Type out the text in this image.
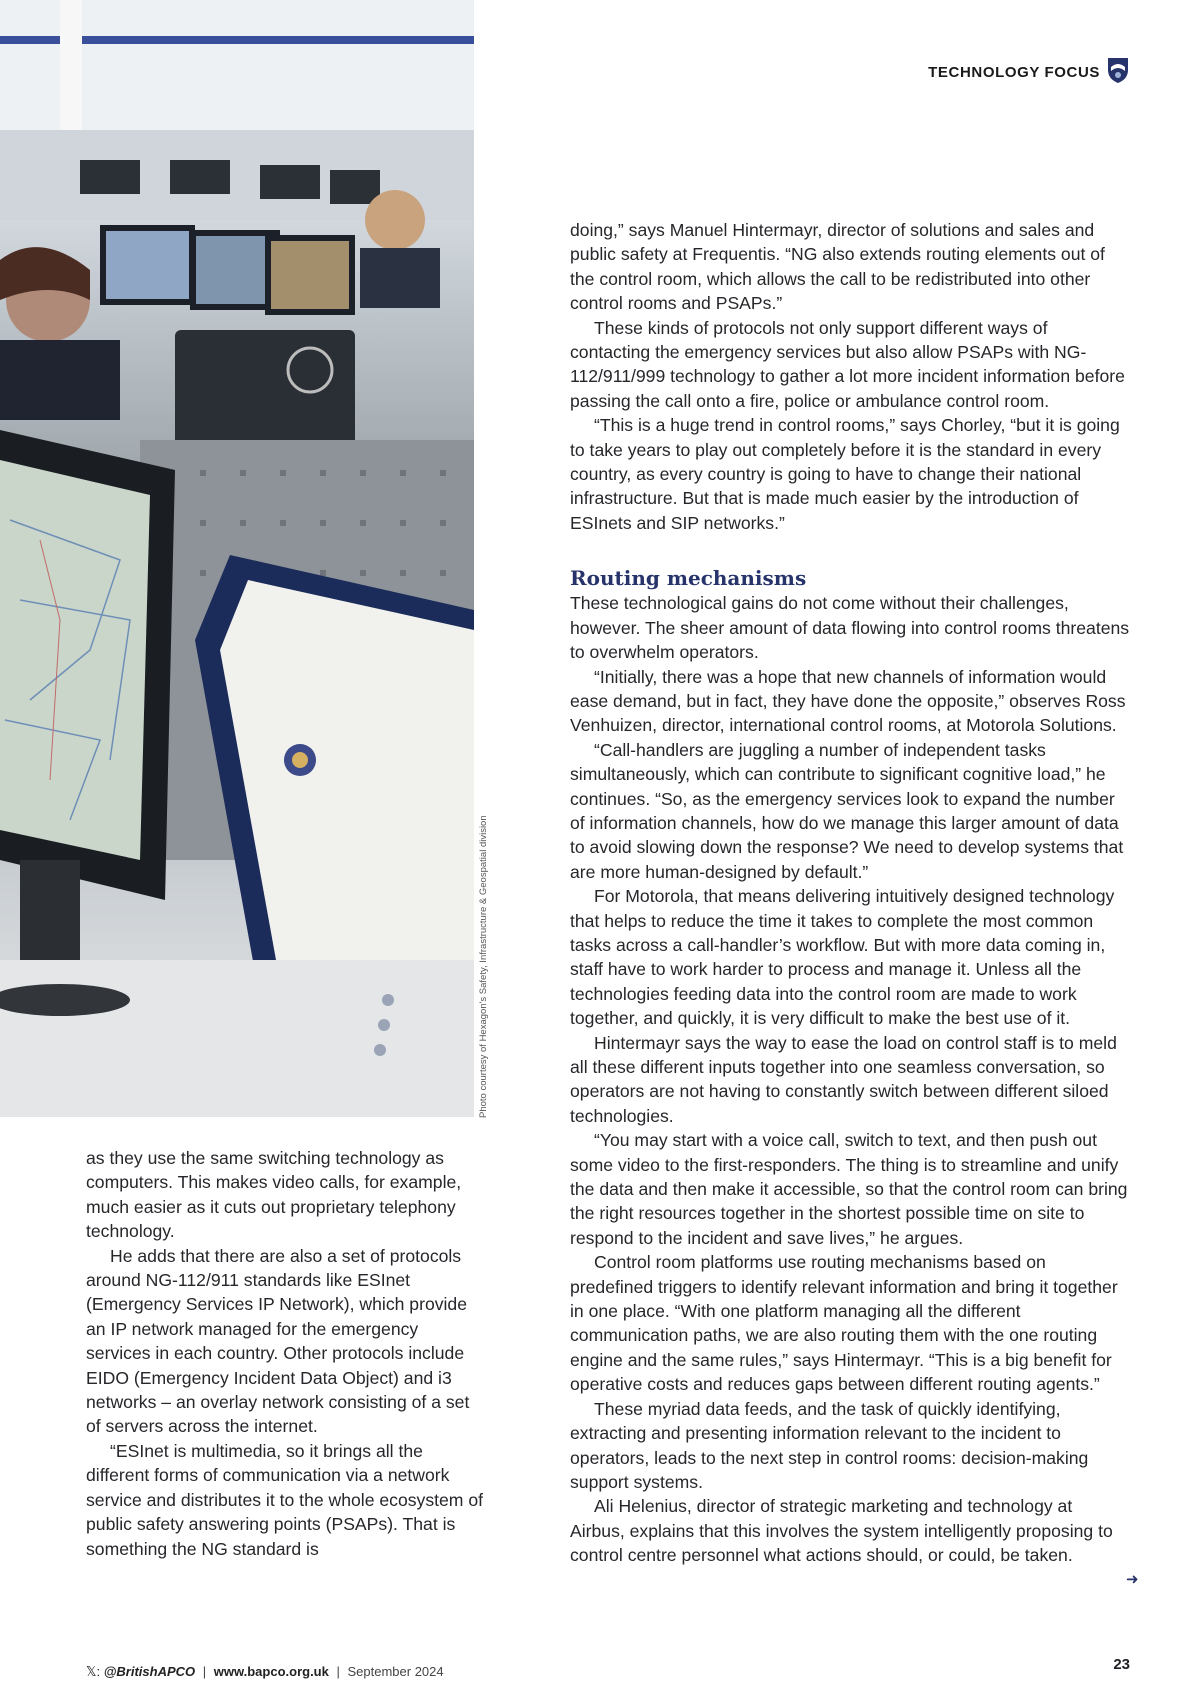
Photo courtesy of Hexagon's Safety, Infrastructure & Geospatial division
TECHNOLOGY FOCUS

doing,” says Manuel Hintermayr, director of solutions and sales and public safety at Frequentis. “NG also extends routing elements out of the control room, which allows the call to be redistributed into other control rooms and PSAPs.”

These kinds of protocols not only support different ways of contacting the emergency services but also allow PSAPs with NG-112/911/999 technology to gather a lot more incident information before passing the call onto a fire, police or ambulance control room.

“This is a huge trend in control rooms,” says Chorley, “but it is going to take years to play out completely before it is the standard in every country, as every country is going to have to change their national infrastructure. But that is made much easier by the introduction of ESInets and SIP networks.”

Routing mechanisms

These technological gains do not come without their challenges, however. The sheer amount of data flowing into control rooms threatens to overwhelm operators.

“Initially, there was a hope that new channels of information would ease demand, but in fact, they have done the opposite,” observes Ross Venhuizen, director, international control rooms, at Motorola Solutions.

“Call-handlers are juggling a number of independent tasks simultaneously, which can contribute to significant cognitive load,” he continues. “So, as the emergency services look to expand the number of information channels, how do we manage this larger amount of data to avoid slowing down the response? We need to develop systems that are more human-designed by default.”

For Motorola, that means delivering intuitively designed technology that helps to reduce the time it takes to complete the most common tasks across a call-handler’s workflow. But with more data coming in, staff have to work harder to process and manage it. Unless all the technologies feeding data into the control room are made to work together, and quickly, it is very difficult to make the best use of it.

Hintermayr says the way to ease the load on control staff is to meld all these different inputs together into one seamless conversation, so operators are not having to constantly switch between different siloed technologies.

“You may start with a voice call, switch to text, and then push out some video to the first-responders. The thing is to streamline and unify the data and then make it accessible, so that the control room can bring the right resources together in the shortest possible time on site to respond to the incident and save lives,” he argues.

Control room platforms use routing mechanisms based on predefined triggers to identify relevant information and bring it together in one place. “With one platform managing all the different communication paths, we are also routing them with the one routing engine and the same rules,” says Hintermayr. “This is a big benefit for operative costs and reduces gaps between different routing agents.”

These myriad data feeds, and the task of quickly identifying, extracting and presenting information relevant to the incident to operators, leads to the next step in control rooms: decision-making support systems.

Ali Helenius, director of strategic marketing and technology at Airbus, explains that this involves the system intelligently proposing to control centre personnel what actions should, or could, be taken.

➜

as they use the same switching technology as computers. This makes video calls, for example, much easier as it cuts out proprietary telephony technology.

He adds that there are also a set of protocols around NG-112/911 standards like ESInet (Emergency Services IP Network), which provide an IP network managed for the emergency services in each country. Other protocols include EIDO (Emergency Incident Data Object) and i3 networks – an overlay network consisting of a set of servers across the internet.

“ESInet is multimedia, so it brings all the different forms of communication via a network service and distributes it to the whole ecosystem of public safety answering points (PSAPs). That is something the NG standard is

𝕏: @BritishAPCO | www.bapco.org.uk | September 2024	23
